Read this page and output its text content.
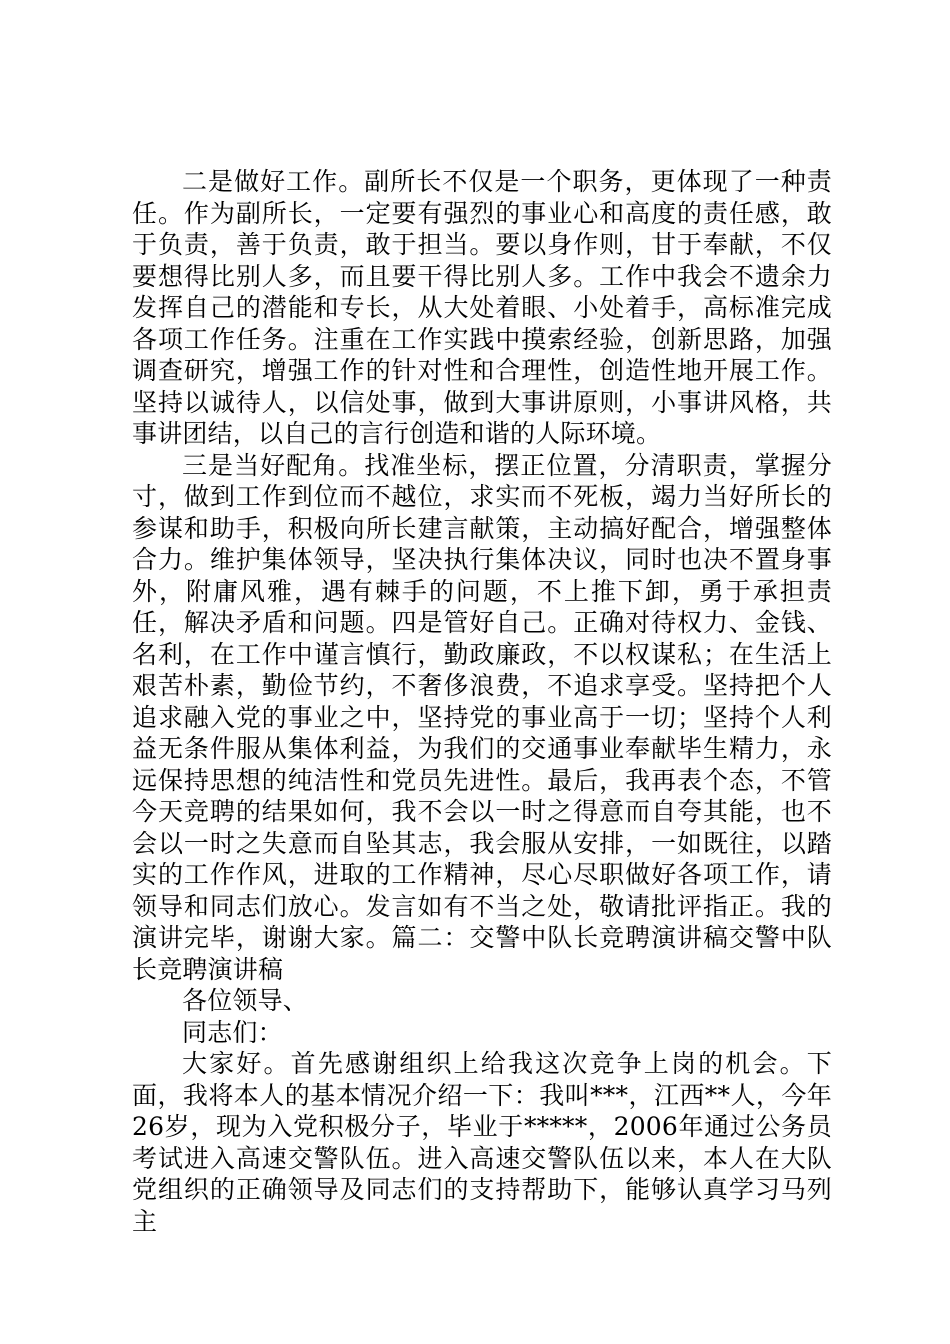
二是做好工作。副所长不仅是一个职务，更体现了一种责任。作为副所长，一定要有强烈的事业心和高度的责任感，敢于负责，善于负责，敢于担当。要以身作则，甘于奉献，不仅要想得比别人多，而且要干得比别人多。工作中我会不遗余力发挥自己的潜能和专长，从大处着眼、小处着手，高标准完成各项工作任务。注重在工作实践中摸索经验，创新思路，加强调查研究，增强工作的针对性和合理性，创造性地开展工作。坚持以诚待人，以信处事，做到大事讲原则，小事讲风格，共事讲团结，以自己的言行创造和谐的人际环境。

三是当好配角。找准坐标，摆正位置，分清职责，掌握分寸，做到工作到位而不越位，求实而不死板，竭力当好所长的参谋和助手，积极向所长建言献策，主动搞好配合，增强整体合力。维护集体领导，坚决执行集体决议，同时也决不置身事外，附庸风雅，遇有棘手的问题，不上推下卸，勇于承担责任，解决矛盾和问题。四是管好自己。正确对待权力、金钱、名利，在工作中谨言慎行，勤政廉政，不以权谋私；在生活上艰苦朴素，勤俭节约，不奢侈浪费，不追求享受。坚持把个人追求融入党的事业之中，坚持党的事业高于一切；坚持个人利益无条件服从集体利益，为我们的交通事业奉献毕生精力，永远保持思想的纯洁性和党员先进性。最后，我再表个态，不管今天竞聘的结果如何，我不会以一时之得意而自夸其能，也不会以一时之失意而自坠其志，我会服从安排，一如既往，以踏实的工作作风，进取的工作精神，尽心尽职做好各项工作，请领导和同志们放心。发言如有不当之处，敬请批评指正。我的演讲完毕，谢谢大家。篇二：交警中队长竞聘演讲稿交警中队长竞聘演讲稿

各位领导、

同志们：

大家好。首先感谢组织上给我这次竞争上岗的机会。下面，我将本人的基本情况介绍一下：我叫***，江西**人，今年26岁，现为入党积极分子，毕业于*****，2006年通过公务员考试进入高速交警队伍。进入高速交警队伍以来，本人在大队党组织的正确领导及同志们的支持帮助下，能够认真学习马列主
